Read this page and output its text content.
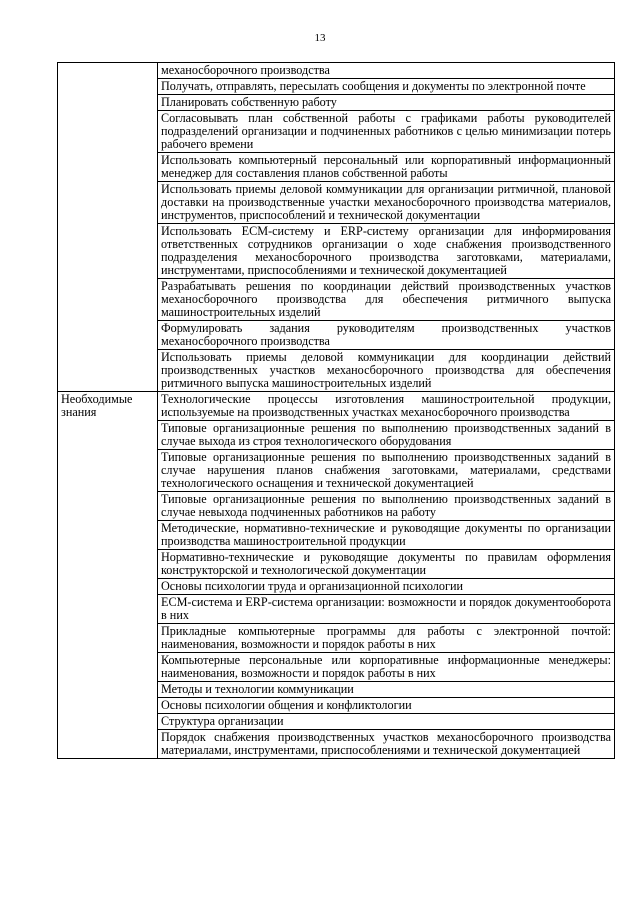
13
	механосборочного производства
	Получать, отправлять, пересылать сообщения и документы по электронной почте
	Планировать собственную работу
	Согласовывать план собственной работы с графиками работы руководителей подразделений организации и подчиненных работников с целью минимизации потерь рабочего времени
	Использовать компьютерный персональный или корпоративный информационный менеджер для составления планов собственной работы
	Использовать приемы деловой коммуникации для организации ритмичной, плановой доставки на производственные участки механосборочного производства материалов, инструментов, приспособлений и технической документации
	Использовать ECM-систему и ERP-систему организации для информирования ответственных сотрудников организации о ходе снабжения производственного подразделения механосборочного производства заготовками, материалами, инструментами, приспособлениями и технической документацией
	Разрабатывать решения по координации действий производственных участков механосборочного производства для обеспечения ритмичного выпуска машиностроительных изделий
	Формулировать задания руководителям производственных участков механосборочного производства
	Использовать приемы деловой коммуникации для координации действий производственных участков механосборочного производства для обеспечения ритмичного выпуска машиностроительных изделий
Необходимые знания	Технологические процессы изготовления машиностроительной продукции, используемые на производственных участках механосборочного производства
	Типовые организационные решения по выполнению производственных заданий в случае выхода из строя технологического оборудования
	Типовые организационные решения по выполнению производственных заданий в случае нарушения планов снабжения заготовками, материалами, средствами технологического оснащения и технической документацией
	Типовые организационные решения по выполнению производственных заданий в случае невыхода подчиненных работников на работу
	Методические, нормативно-технические и руководящие документы по организации производства машиностроительной продукции
	Нормативно-технические и руководящие документы по правилам оформления конструкторской и технологической документации
	Основы психологии труда и организационной психологии
	ECM-система и ERP-система организации: возможности и порядок документооборота в них
	Прикладные компьютерные программы для работы с электронной почтой: наименования, возможности и порядок работы в них
	Компьютерные персональные или корпоративные информационные менеджеры: наименования, возможности и порядок работы в них
	Методы и технологии коммуникации
	Основы психологии общения и конфликтологии
	Структура организации
	Порядок снабжения производственных участков механосборочного производства материалами, инструментами, приспособлениями и технической документацией
